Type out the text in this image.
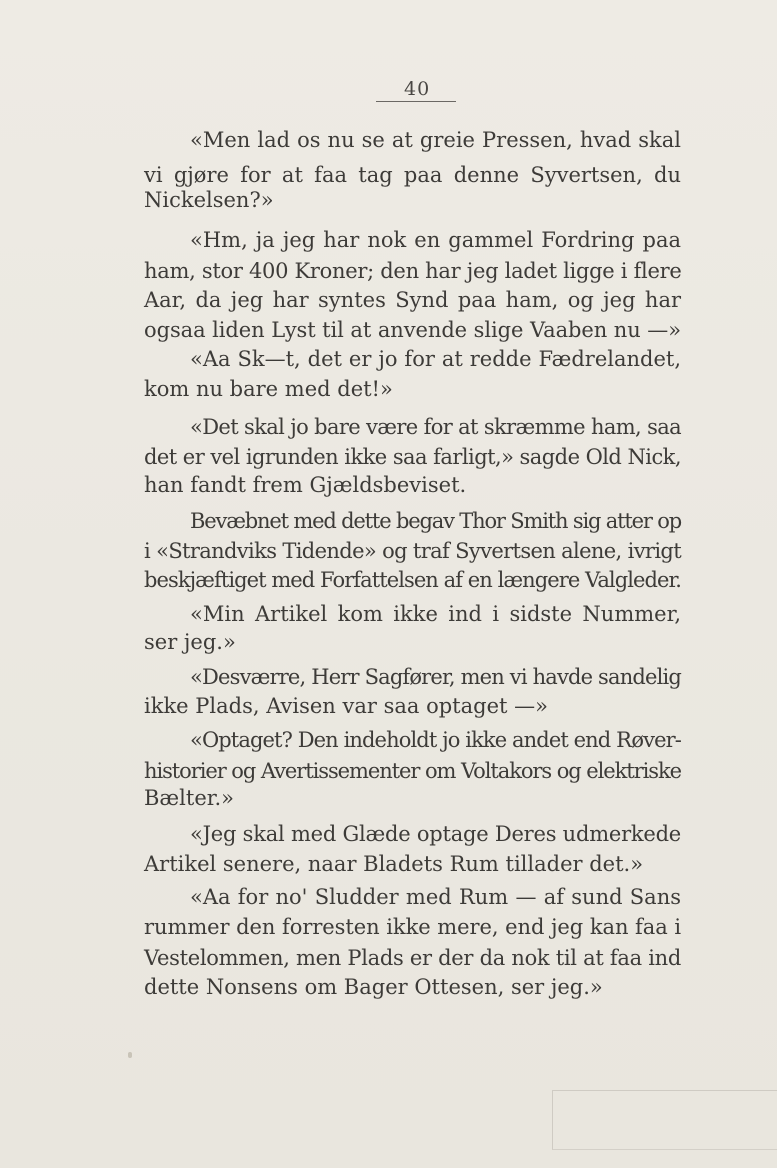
40
«Men lad os nu se at greie Pressen, hvad skal
vi gjøre for at faa tag paa denne Syvertsen, du
Nickelsen?»
«Hm, ja jeg har nok en gammel Fordring paa
ham, stor 400 Kroner; den har jeg ladet ligge i flere
Aar, da jeg har syntes Synd paa ham, og jeg har
ogsaa liden Lyst til at anvende slige Vaaben nu —»
«Aa Sk—t, det er jo for at redde Fædrelandet,
kom nu bare med det!»
«Det skal jo bare være for at skræmme ham, saa
det er vel igrunden ikke saa farligt,» sagde Old Nick,
han fandt frem Gjældsbeviset.
Bevæbnet med dette begav Thor Smith sig atter op
i «Strandviks Tidende» og traf Syvertsen alene, ivrigt
beskjæftiget med Forfattelsen af en længere Valgleder.
«Min Artikel kom ikke ind i sidste Nummer,
ser jeg.»
«Desværre, Herr Sagfører, men vi havde sandelig
ikke Plads, Avisen var saa optaget —»
«Optaget? Den indeholdt jo ikke andet end Røver-
historier og Avertissementer om Voltakors og elektriske
Bælter.»
«Jeg skal med Glæde optage Deres udmerkede
Artikel senere, naar Bladets Rum tillader det.»
«Aa for no' Sludder med Rum — af sund Sans
rummer den forresten ikke mere, end jeg kan faa i
Vestelommen, men Plads er der da nok til at faa ind
dette Nonsens om Bager Ottesen, ser jeg.»
